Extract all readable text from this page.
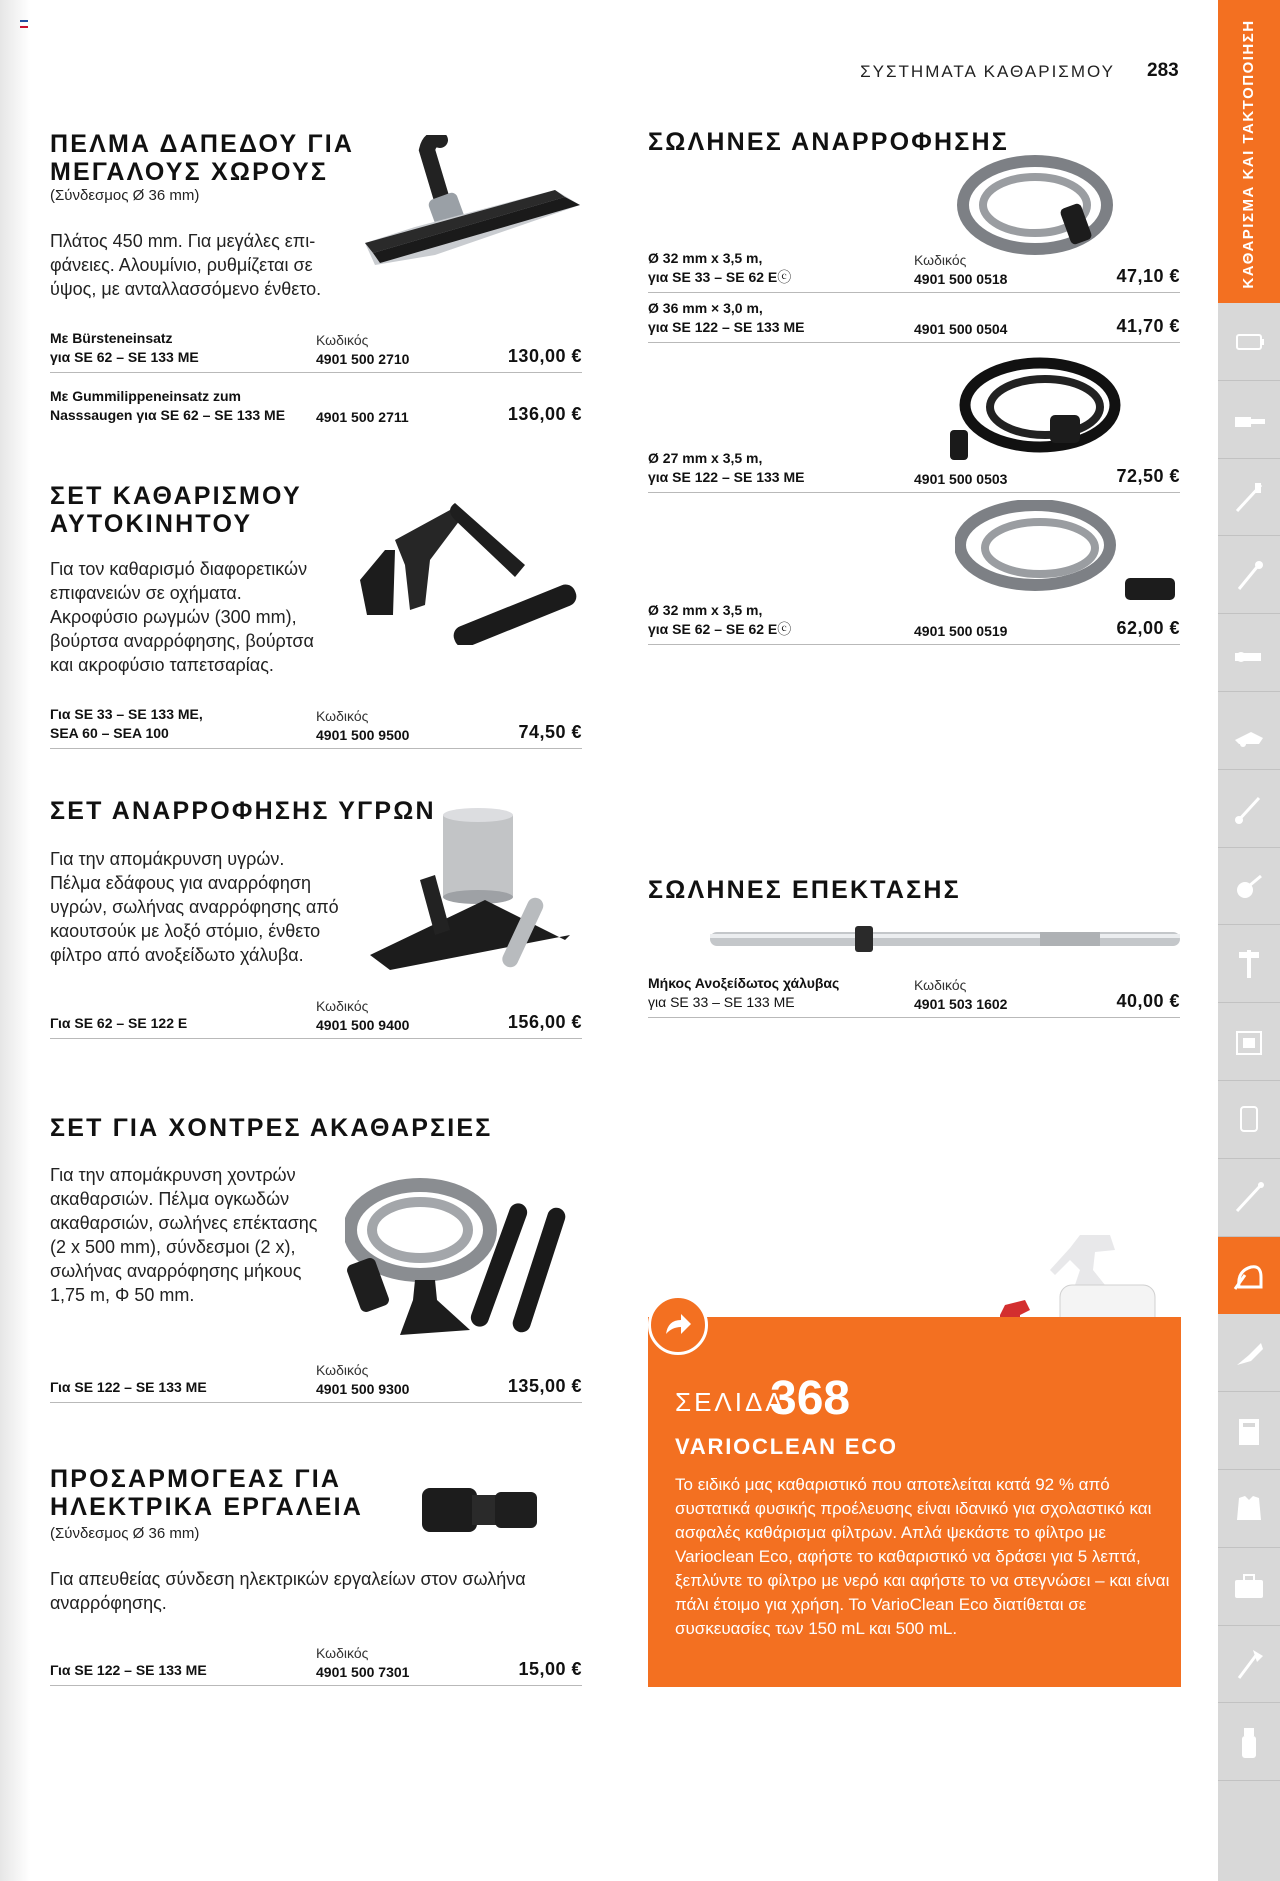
ΣΥΣΤΗΜΑΤΑ ΚΑΘΑΡΙΣΜΟΥ 283
ΠΕΛΜΑ ΔΑΠΕΔΟΥ ΓΙΑ
ΜΕΓΑΛΟΥΣ ΧΩΡΟΥΣ
(Σύνδεσμος Ø 36 mm)
Πλάτος 450 mm. Για μεγάλες επι-
φάνειες. Αλουμίνιο, ρυθμίζεται σε
ύψος, με ανταλλασσόμενο ένθετο.
Με Bürsteneinsatz
για SE 62 – SE 133 ME
Κωδικός
4901 500 2710	130,00 €
Με Gummilippeneinsatz zum
Nasssaugen για SE 62 – SE 133 ME 4901 500 2711	136,00 €
ΣΕΤ ΚΑΘΑΡΙΣΜΟΥ
ΑΥΤΟΚΙΝΗΤΟΥ
Για τον καθαρισμό διαφορετικών
επιφανειών σε οχήματα.
Ακροφύσιο ρωγμών (300 mm),
βούρτσα αναρρόφησης, βούρτσα
και ακροφύσιο ταπετσαρίας.
Για SE 33 – SE 133 ME,
SEA 60 – SEA 100
Κωδικός
4901 500 9500	74,50 €
ΣΕΤ ΑΝΑΡΡΟΦΗΣΗΣ ΥΓΡΩΝ
Για την απομάκρυνση υγρών.
Πέλμα εδάφους για αναρρόφηση
υγρών, σωλήνας αναρρόφησης από
καουτσούκ με λοξό στόμιο, ένθετο
φίλτρο από ανοξείδωτο χάλυβα.
Για SE 62 – SE 122 E
Κωδικός
4901 500 9400	156,00 €
ΣΕΤ ΓΙΑ ΧΟΝΤΡΕΣ ΑΚΑΘΑΡΣΙΕΣ
Για την απομάκρυνση χοντρών
ακαθαρσιών. Πέλμα ογκωδών
ακαθαρσιών, σωλήνες επέκτασης
(2 x 500 mm), σύνδεσμοι (2 x),
σωλήνας αναρρόφησης μήκους
1,75 m, Φ 50 mm.
Για SE 122 – SE 133 ME
Κωδικός
4901 500 9300	135,00 €
ΠΡΟΣΑΡΜΟΓΕΑΣ ΓΙΑ
ΗΛΕΚΤΡΙΚΑ ΕΡΓΑΛΕΙΑ
(Σύνδεσμος Ø 36 mm)
Για απευθείας σύνδεση ηλεκτρικών εργαλείων στον σωλήνα
αναρρόφησης.
Για SE 122 – SE 133 ME
Κωδικός
4901 500 7301	15,00 €
ΣΩΛΗΝΕΣ ΑΝΑΡΡΟΦΗΣΗΣ
Ø 32 mm x 3,5 m,
για SE 33 – SE 62 Eⓒ
Κωδικός
4901 500 0518	47,10 €
Ø 36 mm × 3,0 m,
για SE 122 – SE 133 ME	4901 500 0504	41,70 €
Ø 27 mm x 3,5 m,
για SE 122 – SE 133 ME	4901 500 0503	72,50 €
Ø 32 mm x 3,5 m,
για SE 62 – SE 62 Eⓒ	4901 500 0519	62,00 €
ΣΩΛΗΝΕΣ ΕΠΕΚΤΑΣΗΣ
Μήκος Ανοξείδωτος χάλυβας
για SE 33 – SE 133 ME
Κωδικός
4901 503 1602	40,00 €
ΣΕΛΙΔΑ
368
VARIOCLEAN ECO
Το ειδικό μας καθαριστικό που αποτελείται κατά 92 % από συστατικά φυσικής προέλευσης είναι ιδανικό για σχολαστικό και ασφαλές καθάρισμα φίλτρων. Απλά ψεκάστε το φίλτρο με Varioclean Eco, αφήστε το καθαριστικό να δράσει για 5 λεπτά, ξεπλύντε το φίλτρο με νερό και αφήστε το να στεγνώσει – και είναι πάλι έτοιμο για χρήση. Το VarioClean Eco διατίθεται σε συσκευασίες των 150 mL και 500 mL.
ΚΑΘΑΡΙΣΜΑ ΚΑΙ ΤΑΚΤΟΠΟΙΗΣΗ
